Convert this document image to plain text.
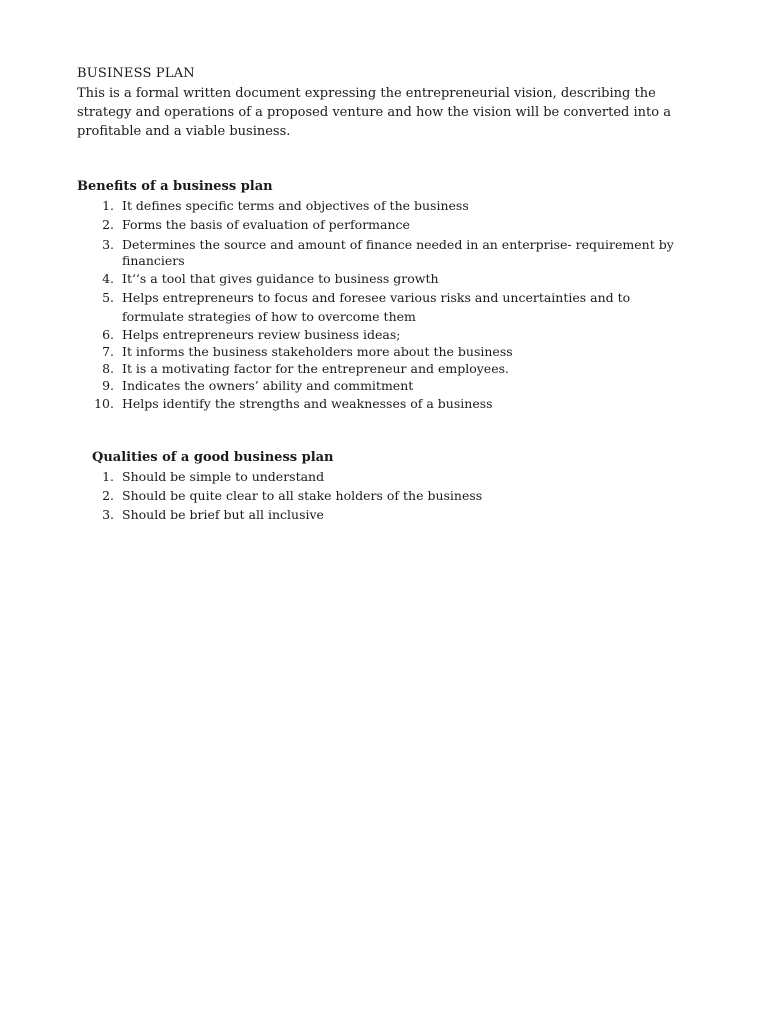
BUSINESS PLAN
This is a formal written document expressing the entrepreneurial vision, describing the strategy and operations of a proposed venture and how the vision will be converted into a profitable and a viable business.
Benefits of a business plan
1. It defines specific terms and objectives of the business
2. Forms the basis of evaluation of performance
3. Determines the source and amount of finance needed in an enterprise- requirement by financiers
4. It‘‘s a tool that gives guidance to business growth
5. Helps entrepreneurs to focus and foresee various risks and uncertainties and to formulate strategies of how to overcome them
6. Helps entrepreneurs review business ideas;
7. It informs the business stakeholders more about the business
8. It is a motivating factor for the entrepreneur and employees.
9. Indicates the owners’ ability and commitment
10. Helps identify the strengths and weaknesses of a business
Qualities of a good business plan
1. Should be simple to understand
2. Should be quite clear to all stake holders of the business
3. Should be brief but all inclusive
